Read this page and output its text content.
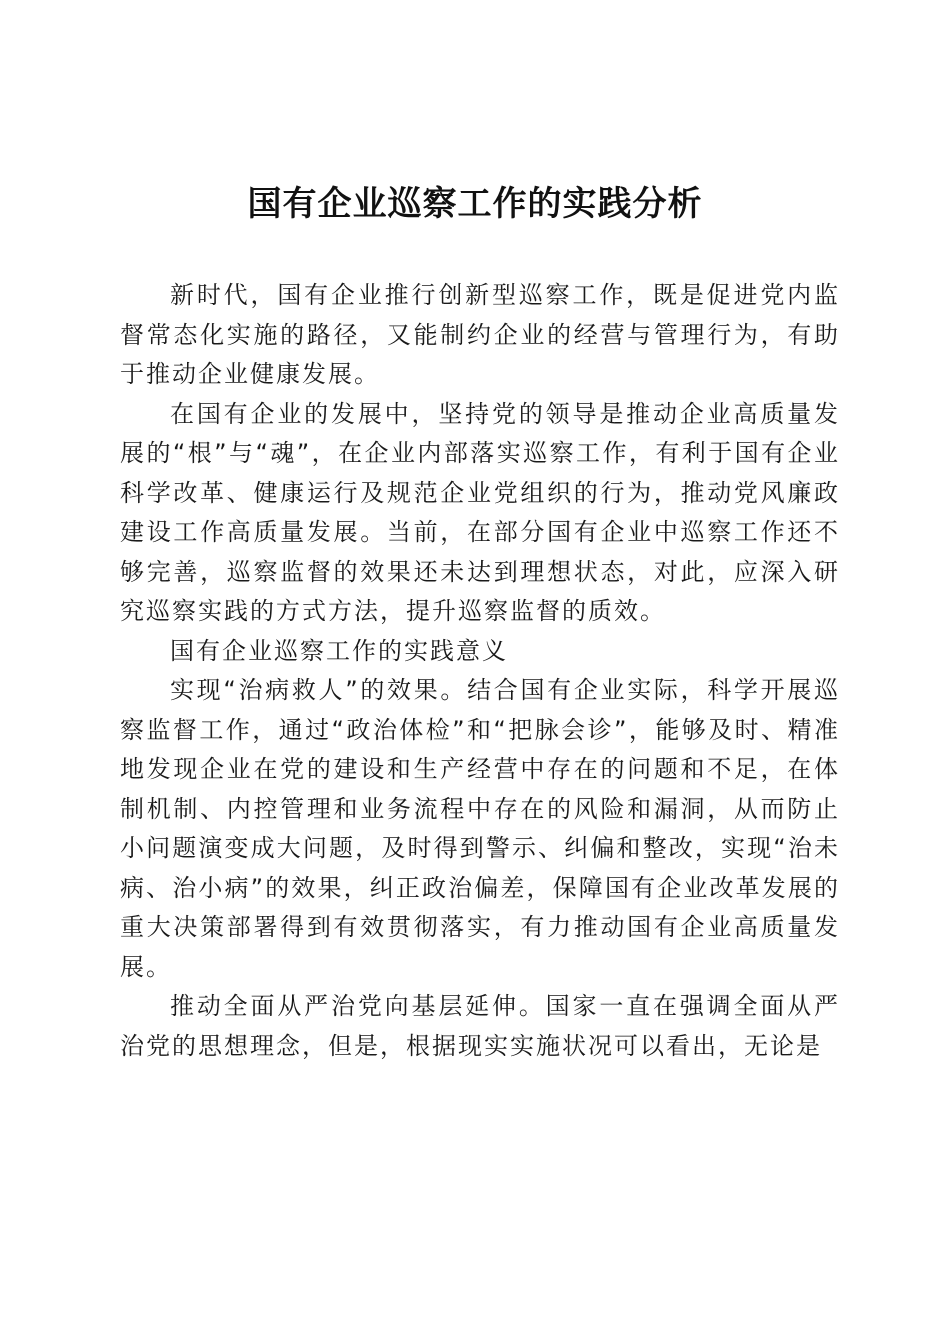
国有企业巡察工作的实践分析

新时代，国有企业推行创新型巡察工作，既是促进党内监督常态化实施的路径，又能制约企业的经营与管理行为，有助于推动企业健康发展。

在国有企业的发展中，坚持党的领导是推动企业高质量发展的“根”与“魂”，在企业内部落实巡察工作，有利于国有企业科学改革、健康运行及规范企业党组织的行为，推动党风廉政建设工作高质量发展。当前，在部分国有企业中巡察工作还不够完善，巡察监督的效果还未达到理想状态，对此，应深入研究巡察实践的方式方法，提升巡察监督的质效。

国有企业巡察工作的实践意义

实现“治病救人”的效果。结合国有企业实际，科学开展巡察监督工作，通过“政治体检”和“把脉会诊”，能够及时、精准地发现企业在党的建设和生产经营中存在的问题和不足，在体制机制、内控管理和业务流程中存在的风险和漏洞，从而防止小问题演变成大问题，及时得到警示、纠偏和整改，实现“治未病、治小病”的效果，纠正政治偏差，保障国有企业改革发展的重大决策部署得到有效贯彻落实，有力推动国有企业高质量发展。

推动全面从严治党向基层延伸。国家一直在强调全面从严治党的思想理念，但是，根据现实实施状况可以看出，无论是
